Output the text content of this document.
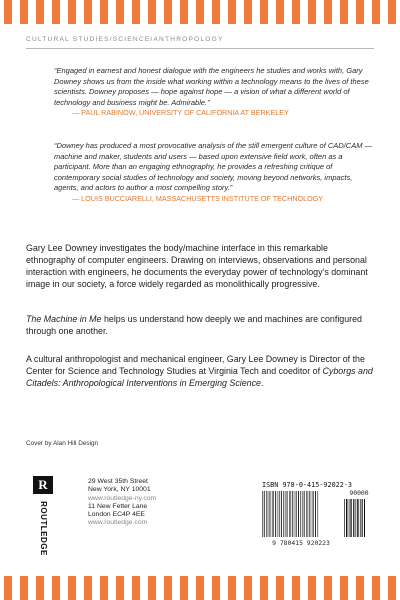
CULTURAL STUDIES/SCIENCE/ANTHROPOLOGY
“Engaged in earnest and honest dialogue with the engineers he studies and works with, Gary Downey shows us from the inside what working within a technology means to the lives of these scientists. Downey proposes — hope against hope — a vision of what a different world of technology and business might be. Admirable.”
— PAUL RABINOW, UNIVERSITY OF CALIFORNIA AT BERKELEY
“Downey has produced a most provocative analysis of the still emergent culture of CAD/CAM — machine and maker, students and users — based upon extensive field work, often as a participant. More than an engaging ethnography, he provides a refreshing critique of contemporary social studies of technology and society, moving beyond networks, impacts, agents, and actors to author a most compelling story.”
— LOUIS BUCCIARELLI, MASSACHUSETTS INSTITUTE OF TECHNOLOGY

Gary Lee Downey investigates the body/machine interface in this remarkable ethnography of computer engineers. Drawing on interviews, observations and personal interaction with engineers, he documents the everyday power of technology’s dominant image in our society, a force widely regarded as monolithically progressive.

The Machine in Me helps us understand how deeply we and machines are configured through one another.

A cultural anthropologist and mechanical engineer, Gary Lee Downey is Director of the Center for Science and Technology Studies at Virginia Tech and coeditor of Cyborgs and Citadels: Anthropological Interventions in Emerging Science.

Cover by Alan Hill Design
R
ROUTLEDGE
29 West 35th Street
New York, NY 10001
www.routledge-ny.com
11 New Fetter Lane
London EC4P 4EE
www.routledge.com
ISBN 978-0-415-92022-3
9 780415 920223
90000
